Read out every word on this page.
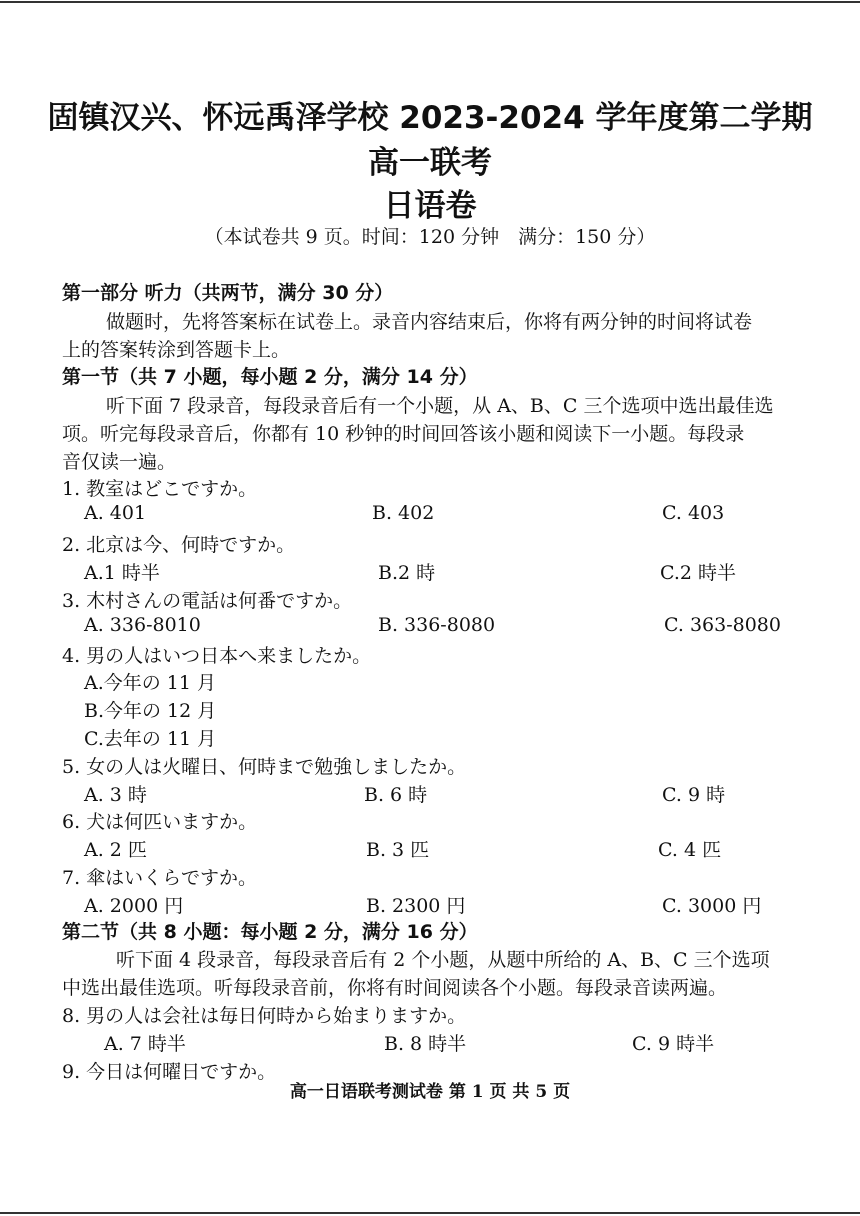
固镇汉兴、怀远禹泽学校 2023-2024 学年度第二学期
高一联考
日语卷
（本试卷共 9 页。时间：120 分钟　满分：150 分）
第一部分 听力（共两节，满分 30 分）
做题时，先将答案标在试卷上。录音内容结束后，你将有两分钟的时间将试卷
上的答案转涂到答题卡上。
第一节（共 7 小题，每小题 2 分，满分 14 分）
听下面 7 段录音，每段录音后有一个小题，从 A、B、C 三个选项中选出最佳选
项。听完每段录音后，你都有 10 秒钟的时间回答该小题和阅读下一小题。每段录
音仅读一遍。
1. 教室はどこですか。
A. 401	B. 402	C. 403
2. 北京は今、何時ですか。
A.1 時半	B.2 時	C.2 時半
3. 木村さんの電話は何番ですか。
A. 336-8010	B. 336-8080	C. 363-8080
4. 男の人はいつ日本へ来ましたか。
A.今年の 11 月
B.今年の 12 月
C.去年の 11 月
5. 女の人は火曜日、何時まで勉強しましたか。
A. 3 時	B. 6 時	C. 9 時
6. 犬は何匹いますか。
A. 2 匹	B. 3 匹	C. 4 匹
7. 傘はいくらですか。
A. 2000 円	B. 2300 円	C. 3000 円
第二节（共 8 小题：每小题 2 分，满分 16 分）
听下面 4 段录音，每段录音后有 2 个小题，从题中所给的 A、B、C 三个选项
中选出最佳选项。听每段录音前，你将有时间阅读各个小题。每段录音读两遍。
8. 男の人は会社は毎日何時から始まりますか。
A. 7 時半	B. 8 時半	C. 9 時半
9. 今日は何曜日ですか。
高一日语联考测试卷 第 1 页 共 5 页
